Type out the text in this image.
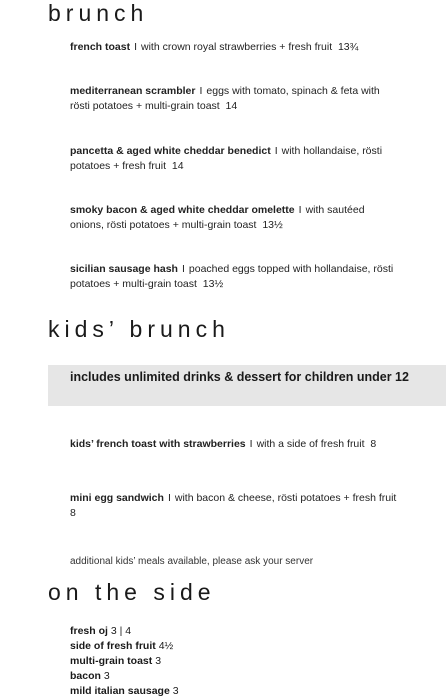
brunch
french toast I with crown royal strawberries + fresh fruit 13¾
mediterranean scrambler I eggs with tomato, spinach & feta with rösti potatoes + multi-grain toast 14
pancetta & aged white cheddar benedict I with hollandaise, rösti potatoes + fresh fruit 14
smoky bacon & aged white cheddar omelette I with sautéed onions, rösti potatoes + multi-grain toast 13½
sicilian sausage hash I poached eggs topped with hollandaise, rösti potatoes + multi-grain toast 13½
kids’ brunch
includes unlimited drinks & dessert for children under 12
kids’ french toast with strawberries I with a side of fresh fruit 8
mini egg sandwich I with bacon & cheese, rösti potatoes + fresh fruit  8
additional kids’ meals available, please ask your server
on the side
fresh oj 3 | 4
side of fresh fruit 4½
multi-grain toast 3
bacon 3
mild italian sausage 3
